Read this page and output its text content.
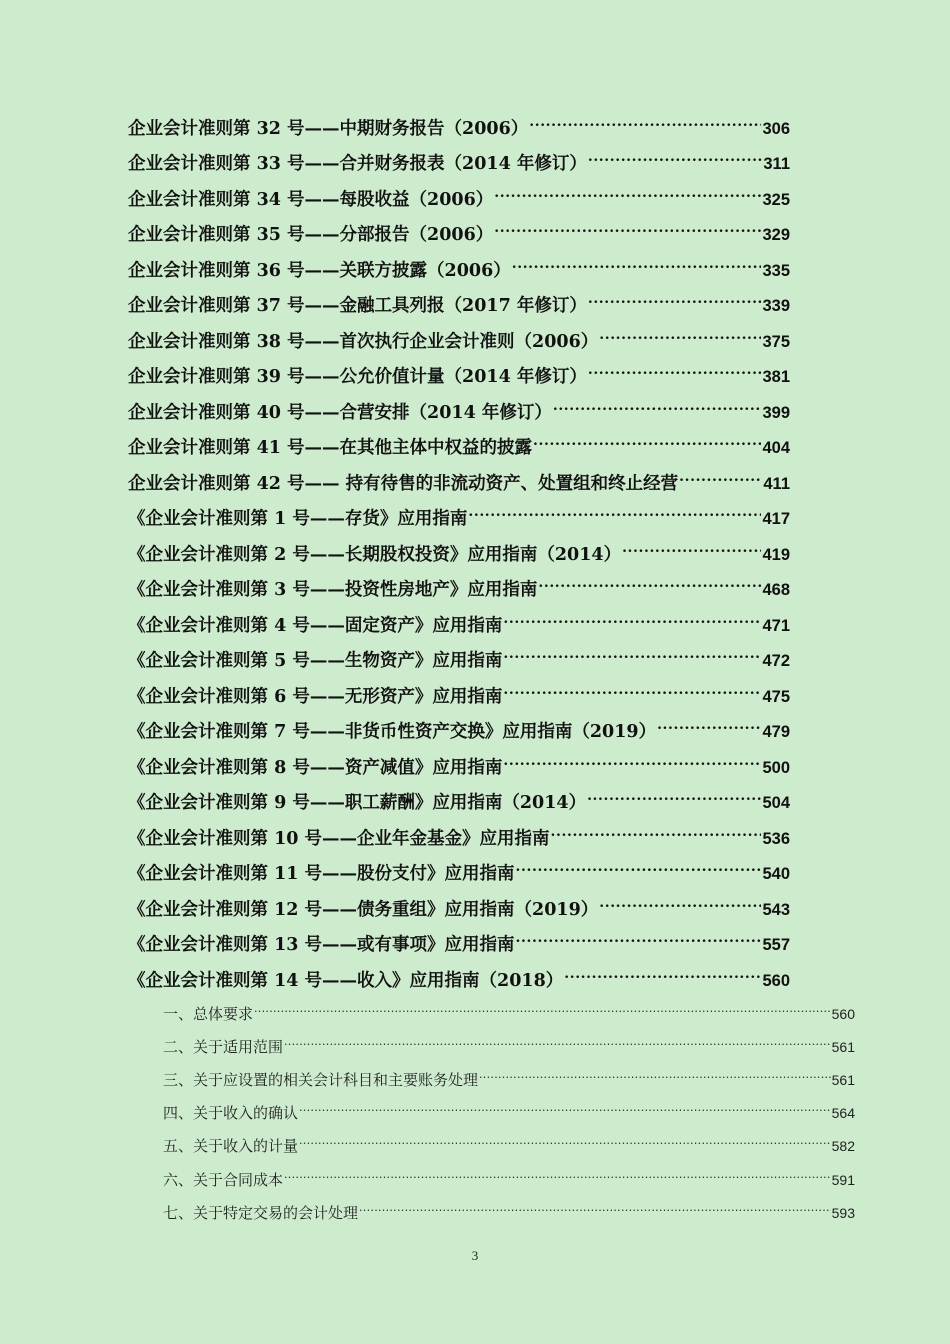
企业会计准则第 32 号——中期财务报告（2006） .....	306
企业会计准则第 33 号——合并财务报表（2014 年修订） .....	311
企业会计准则第 34 号——每股收益（2006） .....	325
企业会计准则第 35 号——分部报告（2006） .....	329
企业会计准则第 36 号——关联方披露（2006） .....	335
企业会计准则第 37 号——金融工具列报（2017 年修订） .....	339
企业会计准则第 38 号——首次执行企业会计准则（2006） .....	375
企业会计准则第 39 号——公允价值计量（2014 年修订） .....	381
企业会计准则第 40 号——合营安排（2014 年修订） .....	399
企业会计准则第 41 号——在其他主体中权益的披露 .....	404
企业会计准则第 42 号—— 持有待售的非流动资产、处置组和终止经营 .....	411
《企业会计准则第 1 号——存货》应用指南 .....	417
《企业会计准则第 2 号——长期股权投资》应用指南（2014） .....	419
《企业会计准则第 3 号——投资性房地产》应用指南 .....	468
《企业会计准则第 4 号——固定资产》应用指南 .....	471
《企业会计准则第 5 号——生物资产》应用指南 .....	472
《企业会计准则第 6 号——无形资产》应用指南 .....	475
《企业会计准则第 7 号——非货币性资产交换》应用指南（2019） .....	479
《企业会计准则第 8 号——资产减值》应用指南 .....	500
《企业会计准则第 9 号——职工薪酬》应用指南（2014） .....	504
《企业会计准则第 10 号——企业年金基金》应用指南 .....	536
《企业会计准则第 11 号——股份支付》应用指南 .....	540
《企业会计准则第 12 号——债务重组》应用指南（2019） .....	543
《企业会计准则第 13 号——或有事项》应用指南 .....	557
《企业会计准则第 14 号——收入》应用指南（2018） .....	560
一、总体要求 .....	560
二、关于适用范围 .....	561
三、关于应设置的相关会计科目和主要账务处理 .....	561
四、关于收入的确认 .....	564
五、关于收入的计量 .....	582
六、关于合同成本 .....	591
七、关于特定交易的会计处理 .....	593
3
